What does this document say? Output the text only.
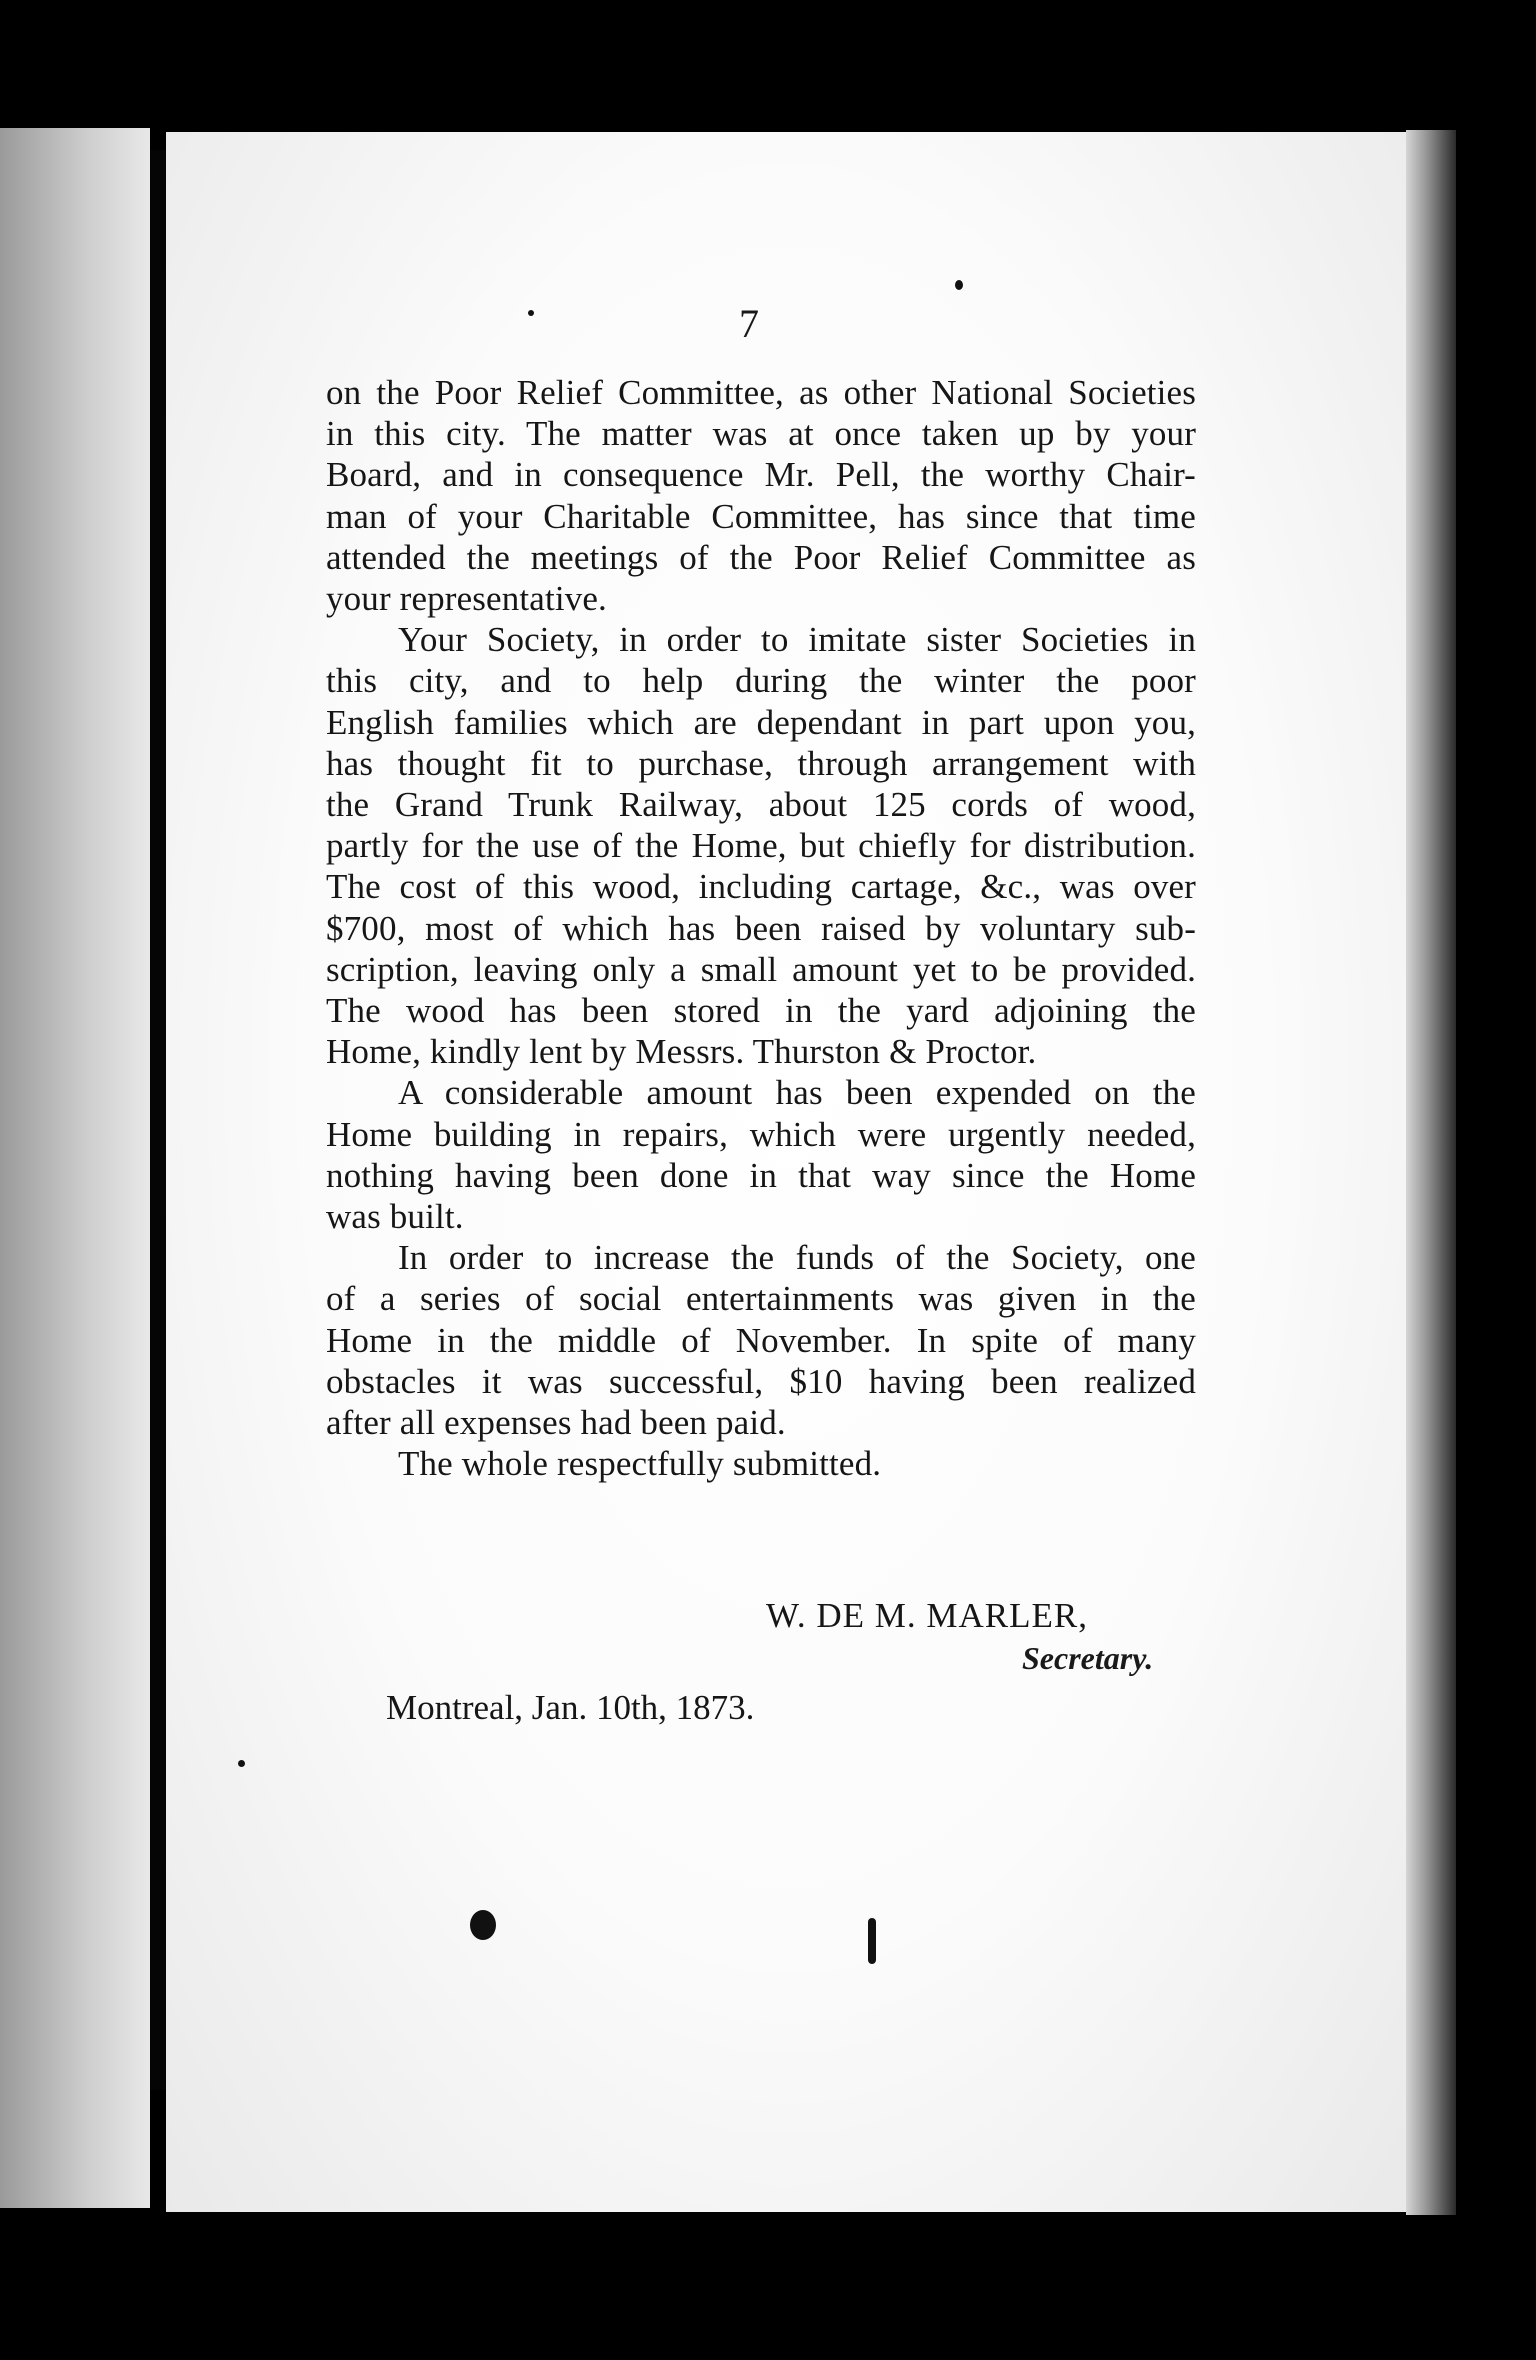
7
on the Poor Relief Committee, as other National Societies
in this city. The matter was at once taken up by your
Board, and in consequence Mr. Pell, the worthy Chair-
man of your Charitable Committee, has since that time
attended the meetings of the Poor Relief Committee as
your representative.
Your Society, in order to imitate sister Societies in
this city, and to help during the winter the poor
English families which are dependant in part upon you,
has thought fit to purchase, through arrangement with
the Grand Trunk Railway, about 125 cords of wood,
partly for the use of the Home, but chiefly for distribution.
The cost of this wood, including cartage, &c., was over
$700, most of which has been raised by voluntary sub-
scription, leaving only a small amount yet to be provided.
The wood has been stored in the yard adjoining the
Home, kindly lent by Messrs. Thurston & Proctor.
A considerable amount has been expended on the
Home building in repairs, which were urgently needed,
nothing having been done in that way since the Home
was built.
In order to increase the funds of the Society, one
of a series of social entertainments was given in the
Home in the middle of November. In spite of many
obstacles it was successful, $10 having been realized
after all expenses had been paid.
The whole respectfully submitted.
W. DE M. MARLER,
Secretary.
Montreal, Jan. 10th, 1873.
